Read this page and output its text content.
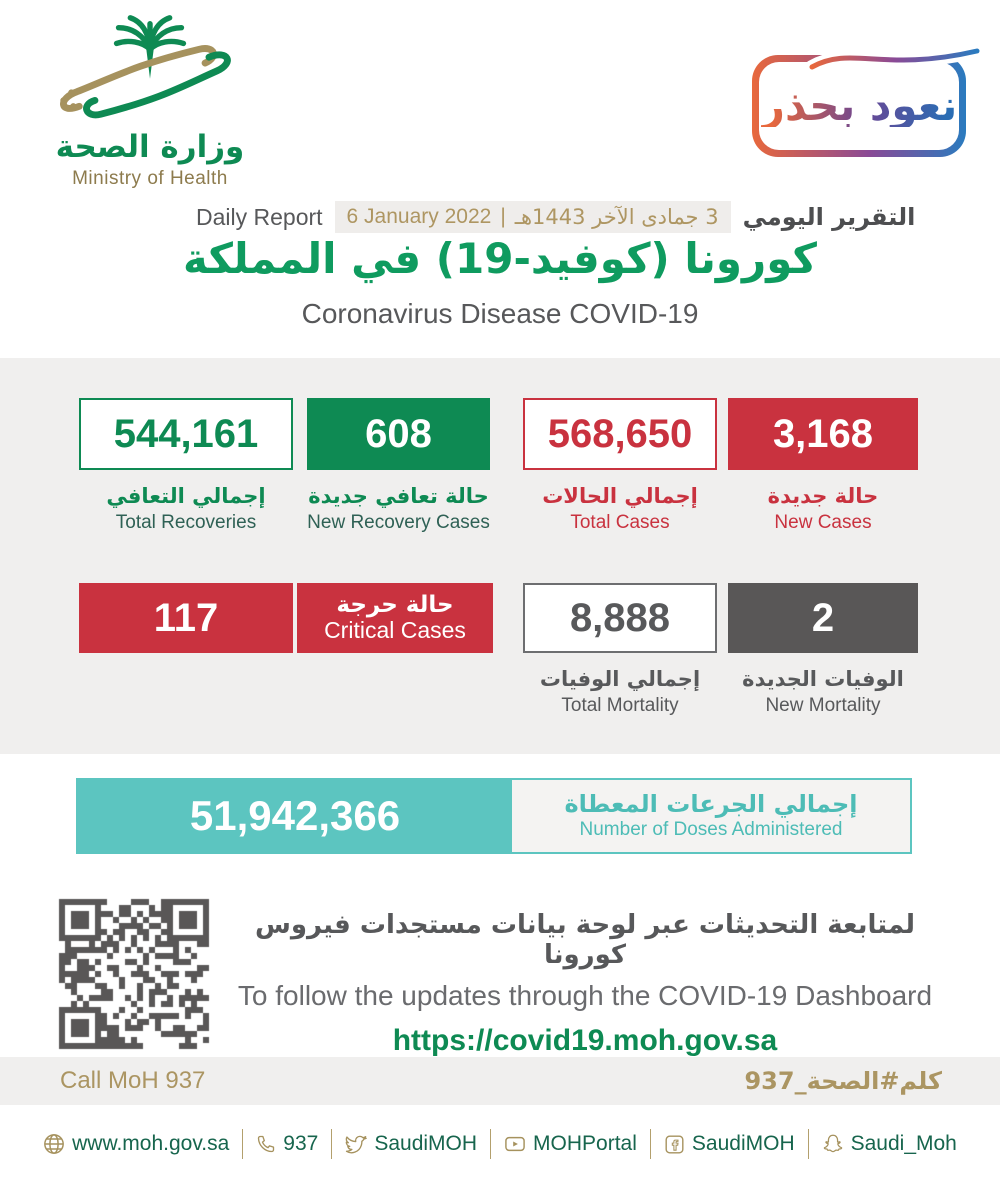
وزارة الصحة
Ministry of Health
نعود بحذر
Daily Report 6 January 2022 | 3 جمادى الآخر 1443هـ التقرير اليومي
كورونا (كوفيد-19) في المملكة
Coronavirus Disease COVID-19
544,161
إجمالي التعافي
Total Recoveries
608
حالة تعافي جديدة
New Recovery Cases
568,650
إجمالي الحالات
Total Cases
3,168
حالة جديدة
New Cases
117	حالة حرجة
Critical Cases	8,888
إجمالي الوفيات
Total Mortality
2
الوفيات الجديدة
New Mortality
51,942,366	إجمالي الجرعات المعطاة
Number of Doses Administered
لمتابعة التحديثات عبر لوحة بيانات مستجدات فيروس كورونا
To follow the updates through the COVID-19 Dashboard
https://covid19.moh.gov.sa
Call MoH 937	كلم#الصحة_937
www.moh.gov.sa	937	SaudiMOH	MOHPortal	SaudiMOH	Saudi_Moh
